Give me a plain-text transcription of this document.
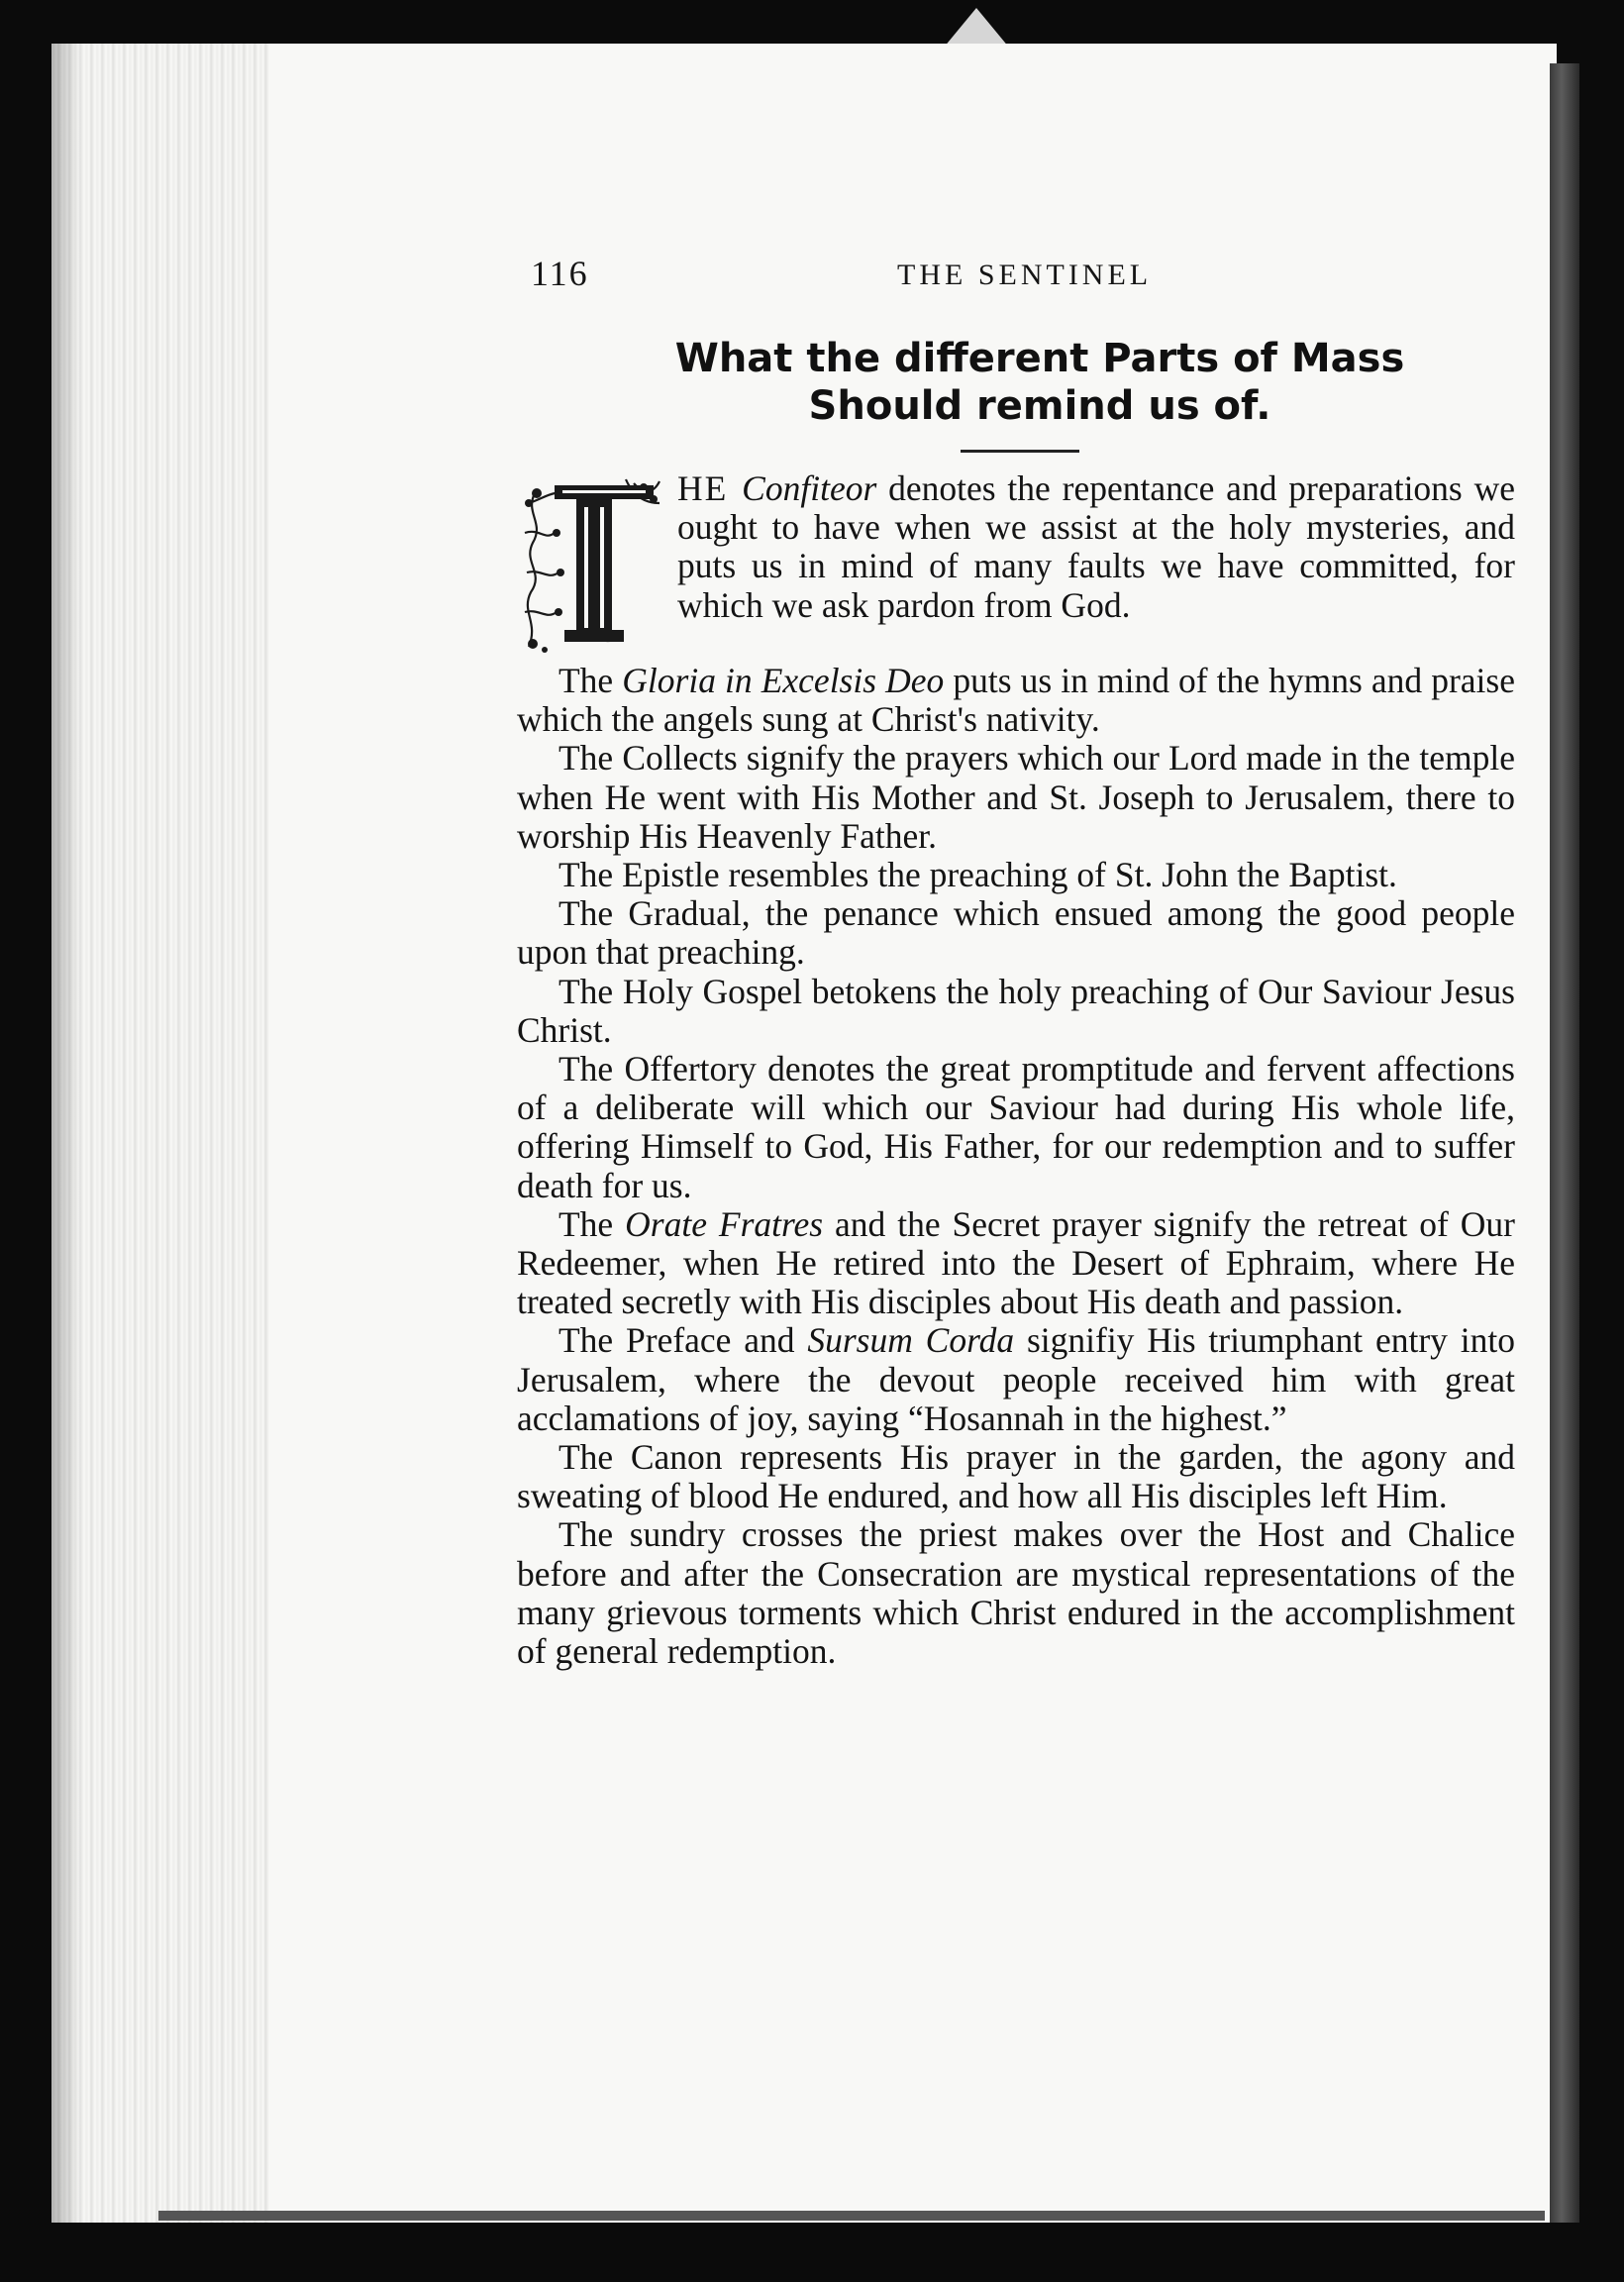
116	THE SENTINEL
What the different Parts of Mass
Should remind us of.

HE Confiteor denotes the repentance and preparations we ought to have when we assist at the holy mysteries, and puts us in mind of many faults we have committed, for which we ask pardon from God.

The Gloria in Excelsis Deo puts us in mind of the hymns and praise which the angels sung at Christ's nativity.

The Collects signify the prayers which our Lord made in the temple when He went with His Mother and St. Joseph to Jerusalem, there to worship His Heavenly Father.

The Epistle resembles the preaching of St. John the Baptist.

The Gradual, the penance which ensued among the good people upon that preaching.

The Holy Gospel betokens the holy preaching of Our Saviour Jesus Christ.

The Offertory denotes the great promptitude and fervent affections of a deliberate will which our Saviour had during His whole life, offering Himself to God, His Father, for our redemption and to suffer death for us.

The Orate Fratres and the Secret prayer signify the retreat of Our Redeemer, when He retired into the Desert of Ephraim, where He treated secretly with His disciples about His death and passion.

The Preface and Sursum Corda signifiy His triumphant entry into Jerusalem, where the devout people received him with great acclamations of joy, saying “Hosannah in the highest.”

The Canon represents His prayer in the garden, the agony and sweating of blood He endured, and how all His disciples left Him.

The sundry crosses the priest makes over the Host and Chalice before and after the Consecration are mystical representations of the many grievous torments which Christ endured in the accomplishment of general redemption.
